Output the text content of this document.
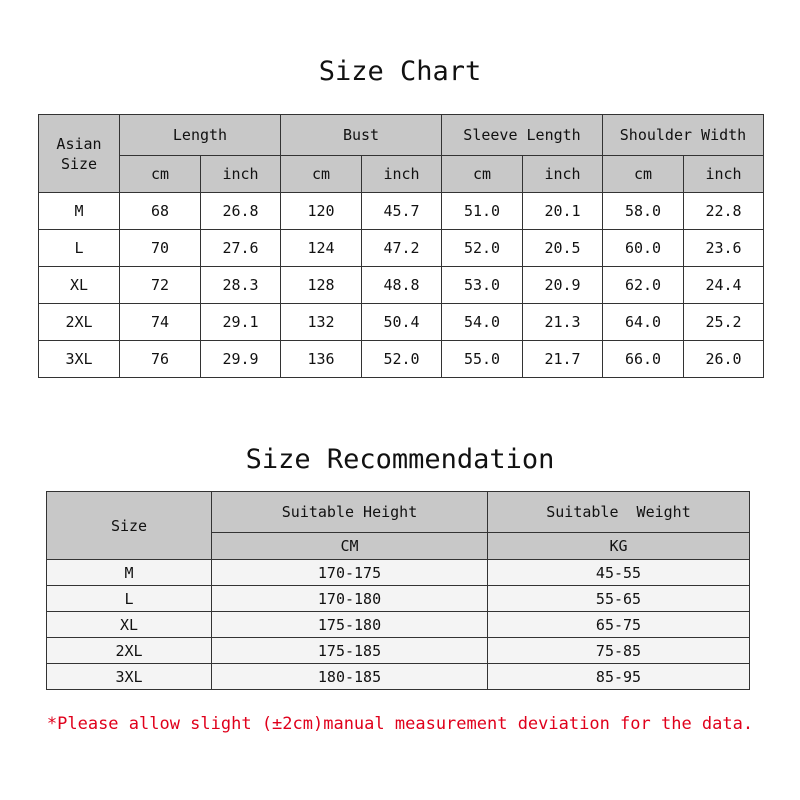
Size Chart
Asian Size	Length		Bust		Sleeve Length		Shoulder Width	
	cm	inch	cm	inch	cm	inch	cm	inch
M	68	26.8	120	45.7	51.0	20.1	58.0	22.8
L	70	27.6	124	47.2	52.0	20.5	60.0	23.6
XL	72	28.3	128	48.8	53.0	20.9	62.0	24.4
2XL	74	29.1	132	50.4	54.0	21.3	64.0	25.2
3XL	76	29.9	136	52.0	55.0	21.7	66.0	26.0
Size Recommendation
Size	Suitable Height	Suitable  Weight
	CM	KG
M	170-175	45-55
L	170-180	55-65
XL	175-180	65-75
2XL	175-185	75-85
3XL	180-185	85-95
*Please allow slight (±2cm)manual measurement deviation for the data.
